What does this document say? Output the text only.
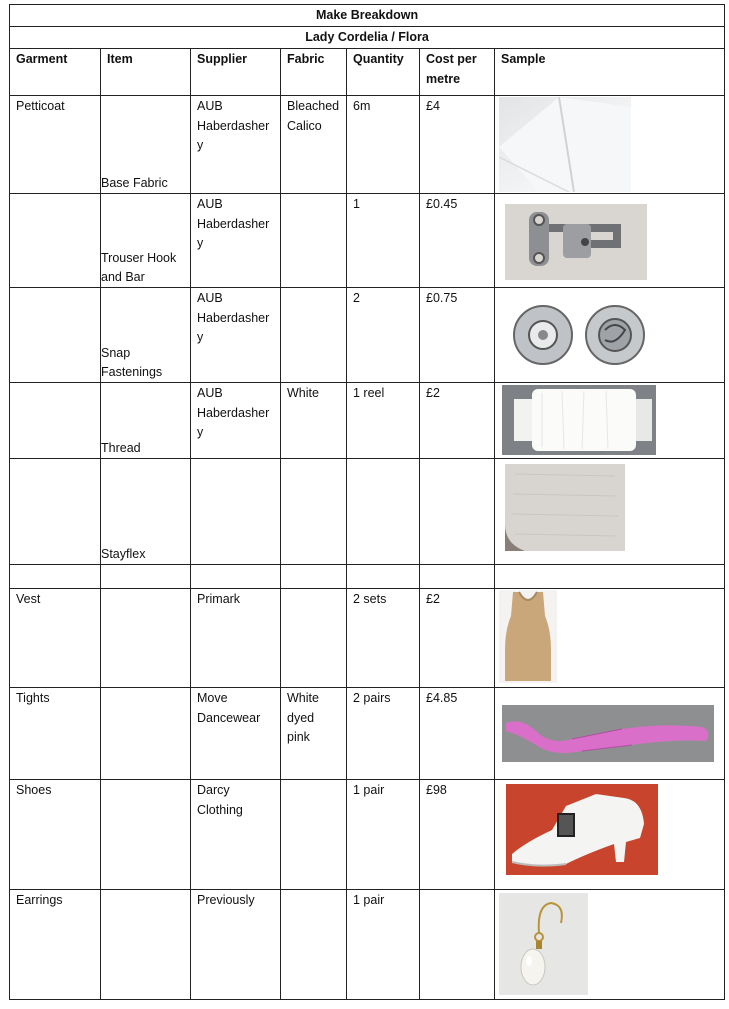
Make Breakdown						
Lady Cordelia / Flora						
Garment	Item	Supplier	Fabric	Quantity	Cost per metre	Sample
Petticoat	Base Fabric	AUB Haberdashery	Bleached Calico	6m	£4	

	Trouser Hook and Bar	AUB Haberdashery		1	£0.45	

	Snap Fastenings	AUB Haberdashery		2	£0.75	

	Thread	AUB Haberdashery	White	1 reel	£2	

	Stayflex

Vest		Primark		2 sets	£2	

Tights		Move Dancewear	White dyed pink	2 pairs	£4.85	

Shoes		Darcy Clothing		1 pair	£98	

Earrings		Previously		1 pair		
